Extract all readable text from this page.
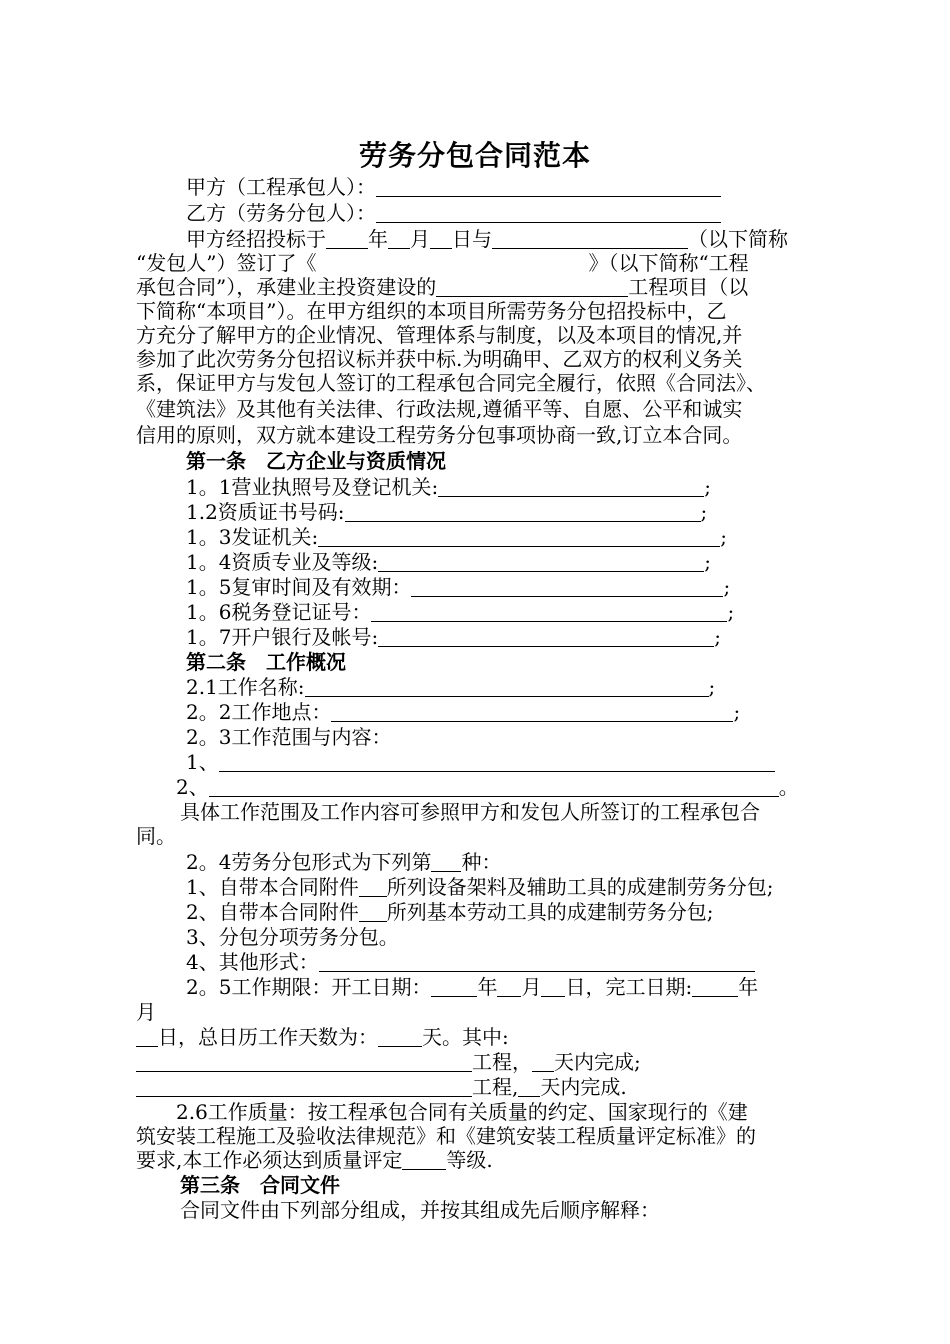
劳务分包合同范本
甲方（工程承包人）：
乙方（劳务分包人）：
甲方经招投标于 年 月 日与	（以下简称
“发包人”）签订了《	》（以下简称“工程
承包合同”），承建业主投资建设的	工程项目（以
下简称“本项目”）。在甲方组织的本项目所需劳务分包招投标中，乙
方充分了解甲方的企业情况、管理体系与制度，以及本项目的情况,并
参加了此次劳务分包招议标并获中标.为明确甲、乙双方的权利义务关
系，保证甲方与发包人签订的工程承包合同完全履行，依照《合同法》、
《建筑法》及其他有关法律、行政法规,遵循平等、自愿、公平和诚实
信用的原则，双方就本建设工程劳务分包事项协商一致,订立本合同。
第一条　乙方企业与资质情况
1。1营业执照号及登记机关:	;
1.2资质证书号码:	;
1。3发证机关:	;
1。4资质专业及等级:	;
1。5复审时间及有效期：	;
1。6税务登记证号：	;
1。7开户银行及帐号:	;
第二条　工作概况
2.1工作名称:	;
2。2工作地点：	;
2。3工作范围与内容：
1、
2、	。
具体工作范围及工作内容可参照甲方和发包人所签订的工程承包合
同。
2。4劳务分包形式为下列第 种：
1、自带本合同附件 所列设备架料及辅助工具的成建制劳务分包;
2、自带本合同附件 所列基本劳动工具的成建制劳务分包;
3、分包分项劳务分包。
4、其他形式：
2。5工作期限：开工日期： 年 月 日，完工日期: 年
月
日，总日历工作天数为： 天。其中:
工程， 天内完成;
工程, 天内完成.
2.6工作质量：按工程承包合同有关质量的约定、国家现行的《建
筑安装工程施工及验收法律规范》和《建筑安装工程质量评定标准》的
要求,本工作必须达到质量评定 等级.
第三条　合同文件
合同文件由下列部分组成，并按其组成先后顺序解释：
